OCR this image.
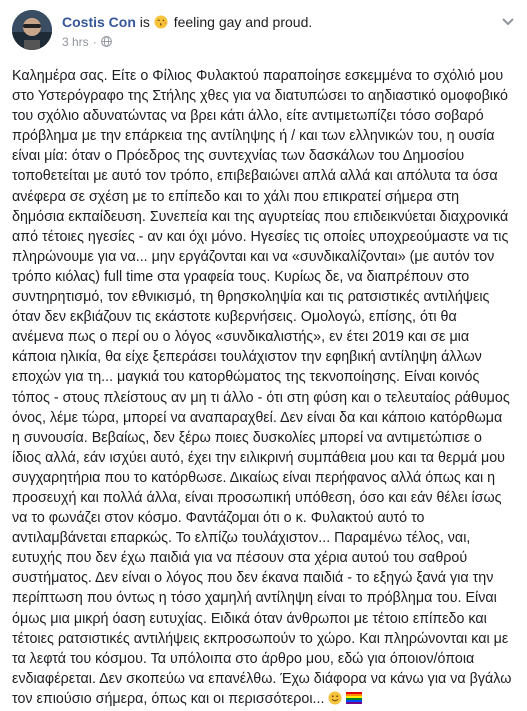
Costis Con is feeling gay and proud.
3 hrs ·
Καλημέρα σας. Είτε ο Φίλιος Φυλακτού παραποίησε εσκεμμένα το σχόλιό μου
στο Υστερόγραφο της Στήλης χθες για να διατυπώσει το αηδιαστικό ομοφοβικό
του σχόλιο αδυνατώντας να βρει κάτι άλλο, είτε αντιμετωπίζει τόσο σοβαρό
πρόβλημα με την επάρκεια της αντίληψης ή / και των ελληνικών του, η ουσία
είναι μία: όταν ο Πρόεδρος της συντεχνίας των δασκάλων του Δημοσίου
τοποθετείται με αυτό τον τρόπο, επιβεβαιώνει απλά αλλά και απόλυτα τα όσα
ανέφερα σε σχέση με το επίπεδο και το χάλι που επικρατεί σήμερα στη
δημόσια εκπαίδευση. Συνεπεία και της αγυρτείας που επιδεικνύεται διαχρονικά
από τέτοιες ηγεσίες - αν και όχι μόνο. Ηγεσίες τις οποίες υποχρεούμαστε να τις
πληρώνουμε για να... μην εργάζονται και να «συνδικαλίζονται» (με αυτόν τον
τρόπο κιόλας) full time στα γραφεία τους. Κυρίως δε, να διαπρέπουν στο
συντηρητισμό, τον εθνικισμό, τη θρησκοληψία και τις ρατσιστικές αντιλήψεις
όταν δεν εκβιάζουν τις εκάστοτε κυβερνήσεις. Ομολογώ, επίσης, ότι θα
ανέμενα πως ο περί ου ο λόγος «συνδικαλιστής», εν έτει 2019 και σε μια
κάποια ηλικία, θα είχε ξεπεράσει τουλάχιστον την εφηβική αντίληψη άλλων
εποχών για τη... μαγκιά του κατορθώματος της τεκνοποίησης. Είναι κοινός
τόπος - στους πλείστους αν μη τι άλλο - ότι στη φύση και ο τελευταίος ράθυμος
όνος, λέμε τώρα, μπορεί να αναπαραχθεί. Δεν είναι δα και κάποιο κατόρθωμα
η συνουσία. Βεβαίως, δεν ξέρω ποιες δυσκολίες μπορεί να αντιμετώπισε ο
ίδιος αλλά, εάν ισχύει αυτό, έχει την ειλικρινή συμπάθεια μου και τα θερμά μου
συγχαρητήρια που το κατόρθωσε. Δικαίως είναι περήφανος αλλά όπως και η
προσευχή και πολλά άλλα, είναι προσωπική υπόθεση, όσο και εάν θέλει ίσως
να το φωνάζει στον κόσμο. Φαντάζομαι ότι ο κ. Φυλακτού αυτό το
αντιλαμβάνεται επαρκώς. Το ελπίζω τουλάχιστον... Παραμένω τέλος, ναι,
ευτυχής που δεν έχω παιδιά για να πέσουν στα χέρια αυτού του σαθρού
συστήματος. Δεν είναι ο λόγος που δεν έκανα παιδιά - το εξηγώ ξανά για την
περίπτωση που όντως η τόσο χαμηλή αντίληψη είναι το πρόβλημα του. Είναι
όμως μια μικρή όαση ευτυχίας. Ειδικά όταν άνθρωποι με τέτοιο επίπεδο και
τέτοιες ρατσιστικές αντιλήψεις εκπροσωπούν το χώρο. Και πληρώνονται και με
τα λεφτά του κόσμου. Τα υπόλοιπα στο άρθρο μου, εδώ για όποιον/όποια
ενδιαφέρεται. Δεν σκοπεύω να επανέλθω. Έχω διάφορα να κάνω για να βγάλω
τον επιούσιο σήμερα, όπως και οι περισσότεροι...
